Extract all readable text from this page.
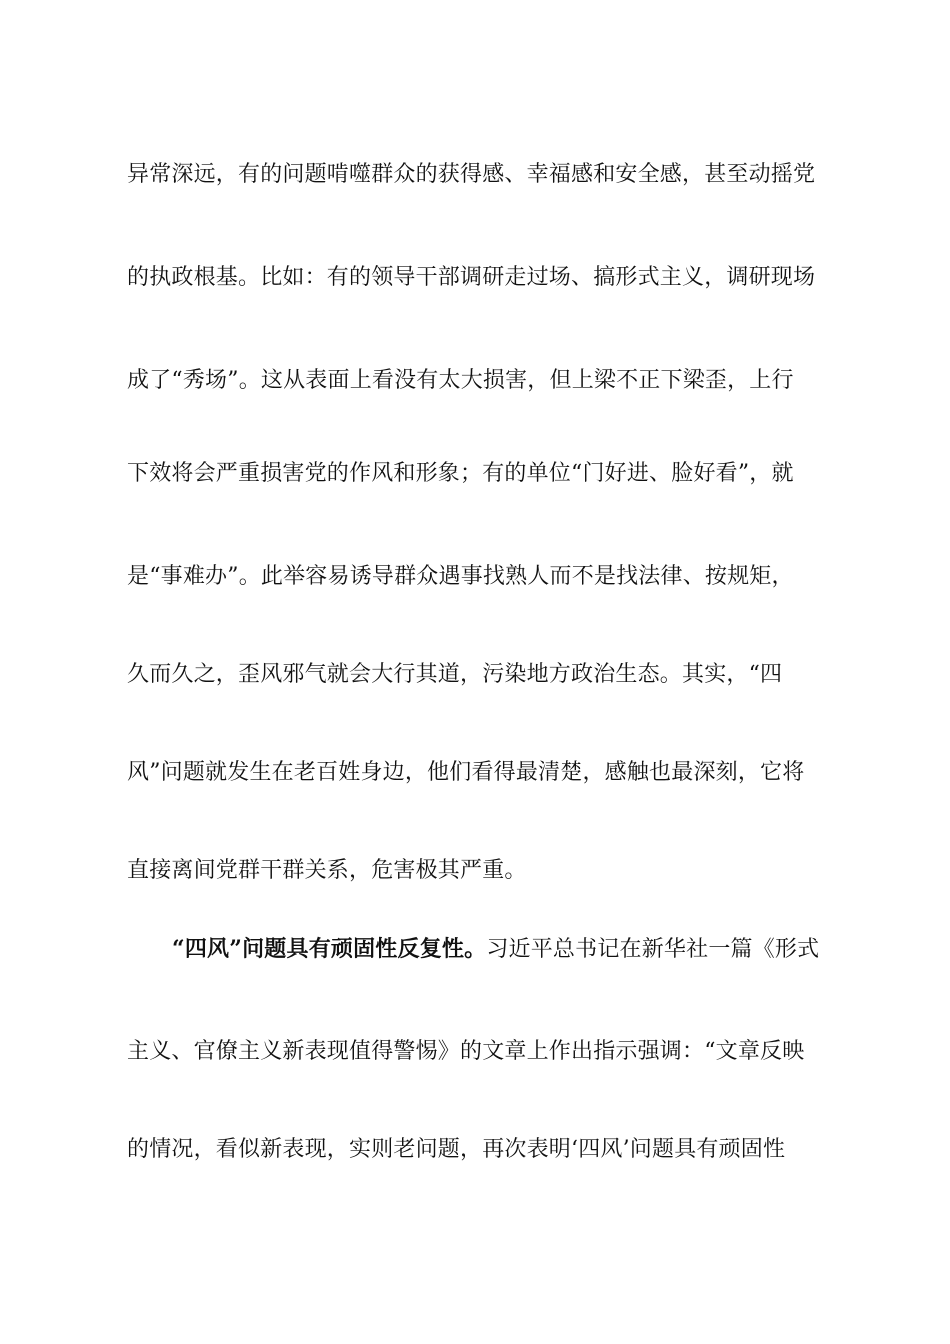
异常深远，有的问题啃噬群众的获得感、幸福感和安全感，甚至动摇党
的执政根基。比如：有的领导干部调研走过场、搞形式主义，调研现场
成了“秀场”。这从表面上看没有太大损害，但上梁不正下梁歪，上行
下效将会严重损害党的作风和形象；有的单位“门好进、脸好看”，就
是“事难办”。此举容易诱导群众遇事找熟人而不是找法律、按规矩，
久而久之，歪风邪气就会大行其道，污染地方政治生态。其实，“四
风”问题就发生在老百姓身边，他们看得最清楚，感触也最深刻，它将
直接离间党群干群关系，危害极其严重。
“四风”问题具有顽固性反复性。习近平总书记在新华社一篇《形式
主义、官僚主义新表现值得警惕》的文章上作出指示强调：“文章反映
的情况，看似新表现，实则老问题，再次表明‘四风’问题具有顽固性
